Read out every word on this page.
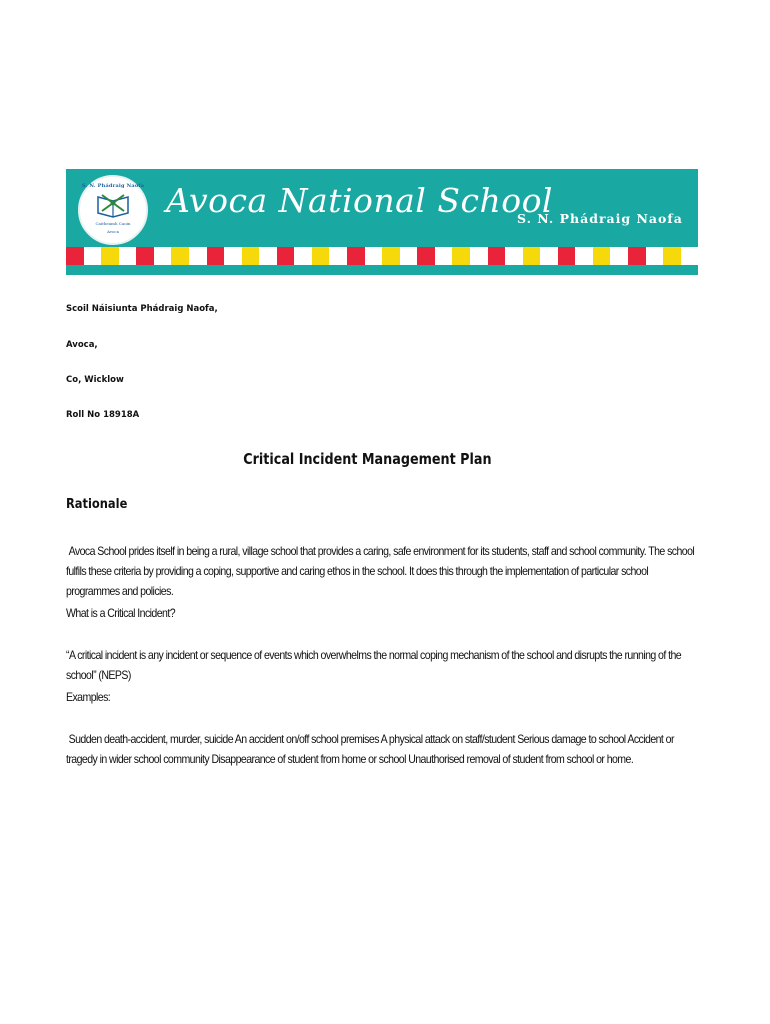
S. N. Phádraig Naofa
Caitheamh Caoin
Avoca
Avoca National School
S. N. Phádraig Naofa
Scoil Náisiunta Phádraig Naofa,
Avoca,
Co, Wicklow
Roll No 18918A
Critical Incident Management Plan
Rationale
Avoca School prides itself in being a rural, village school that provides a caring, safe environment for its students, staff and school community. The school fulfils these criteria by providing a coping, supportive and caring ethos in the school. It does this through the implementation of particular school programmes and policies.
What is a Critical Incident?
“A critical incident is any incident or sequence of events which overwhelms the normal coping mechanism of the school and disrupts the running of the school” (NEPS)
Examples:
Sudden death-accident, murder, suicide An accident on/off school premises A physical attack on staff/student Serious damage to school Accident or tragedy in wider school community Disappearance of student from home or school Unauthorised removal of student from school or home.
